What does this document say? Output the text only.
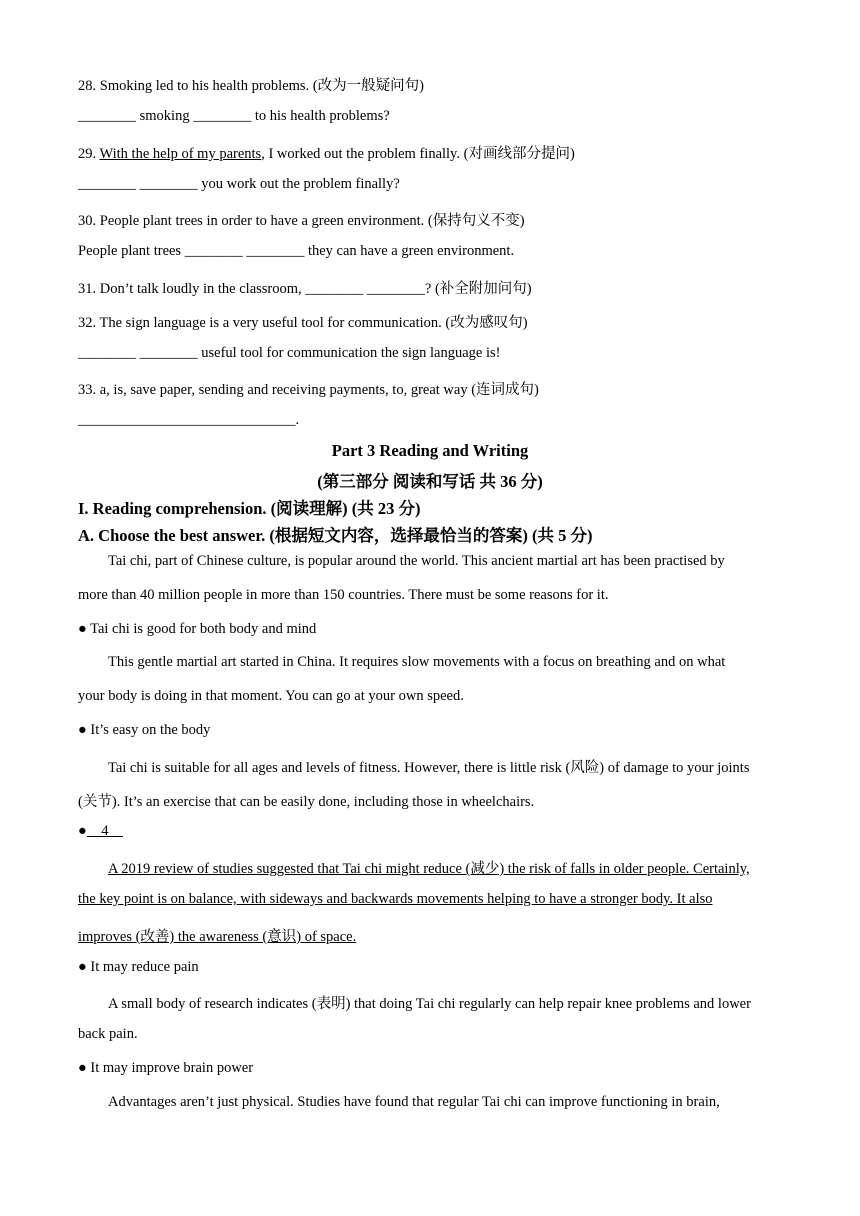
28. Smoking led to his health problems. (改为一般疑问句)
________ smoking ________ to his health problems?
29. With the help of my parents, I worked out the problem finally. (对画线部分提问)
________ ________ you work out the problem finally?
30. People plant trees in order to have a green environment. (保持句义不变)
People plant trees ________ ________ they can have a green environment.
31. Don’t talk loudly in the classroom, ________ ________? (补全附加问句)
32. The sign language is a very useful tool for communication. (改为感叹句)
________ ________ useful tool for communication the sign language is!
33. a, is, save paper, sending and receiving payments, to, great way (连词成句)
______________________________.
Part 3 Reading and Writing
(第三部分 阅读和写话 共 36 分)
I. Reading comprehension. (阅读理解) (共 23 分)
A. Choose the best answer. (根据短文内容，选择最恰当的答案) (共 5 分)
Tai chi, part of Chinese culture, is popular around the world. This ancient martial art has been practised by
more than 40 million people in more than 150 countries. There must be some reasons for it.
● Tai chi is good for both body and mind
This gentle martial art started in China. It requires slow movements with a focus on breathing and on what
your body is doing in that moment. You can go at your own speed.
● It’s easy on the body
Tai chi is suitable for all ages and levels of fitness. However, there is little risk (风险) of damage to your joints
(关节). It’s an exercise that can be easily done, including those in wheelchairs.
●    4
A 2019 review of studies suggested that Tai chi might reduce (减少) the risk of falls in older people. Certainly,
the key point is on balance, with sideways and backwards movements helping to have a stronger body. It also
improves (改善) the awareness (意识) of space.
● It may reduce pain
A small body of research indicates (表明) that doing Tai chi regularly can help repair knee problems and lower
back pain.
● It may improve brain power
Advantages aren’t just physical. Studies have found that regular Tai chi can improve functioning in brain,
